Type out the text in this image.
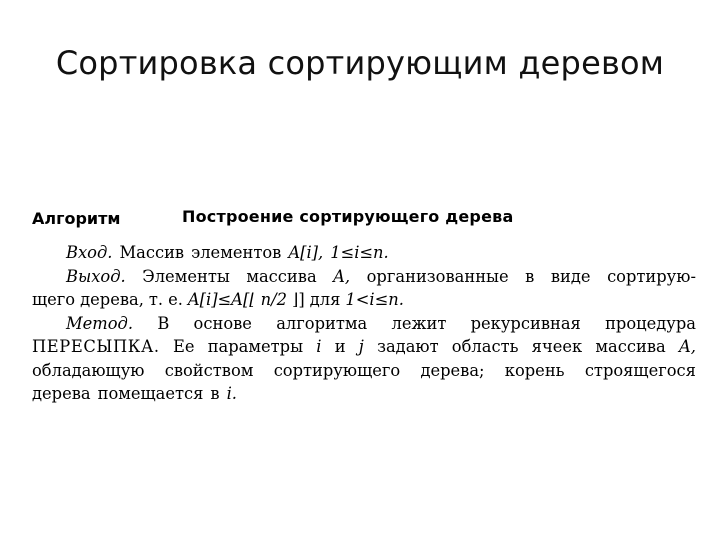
Сортировка сортирующим деревом
Алгоритм	Построение сортирующего дерева
Вход. Массив элементов A[i], 1≤i≤n.
Выход. Элементы массива A, организованные в виде сортирую-
щего дерева, т. е. A[i]≤A[⌊ n/2 ⌋] для 1<i≤n.
Метод. В основе алгоритма лежит рекурсивная процедура
ПЕРЕСЫПКА. Ее параметры i и j задают область ячеек массива A,
обладающую свойством сортирующего дерева; корень строящегося
дерева помещается в i.
